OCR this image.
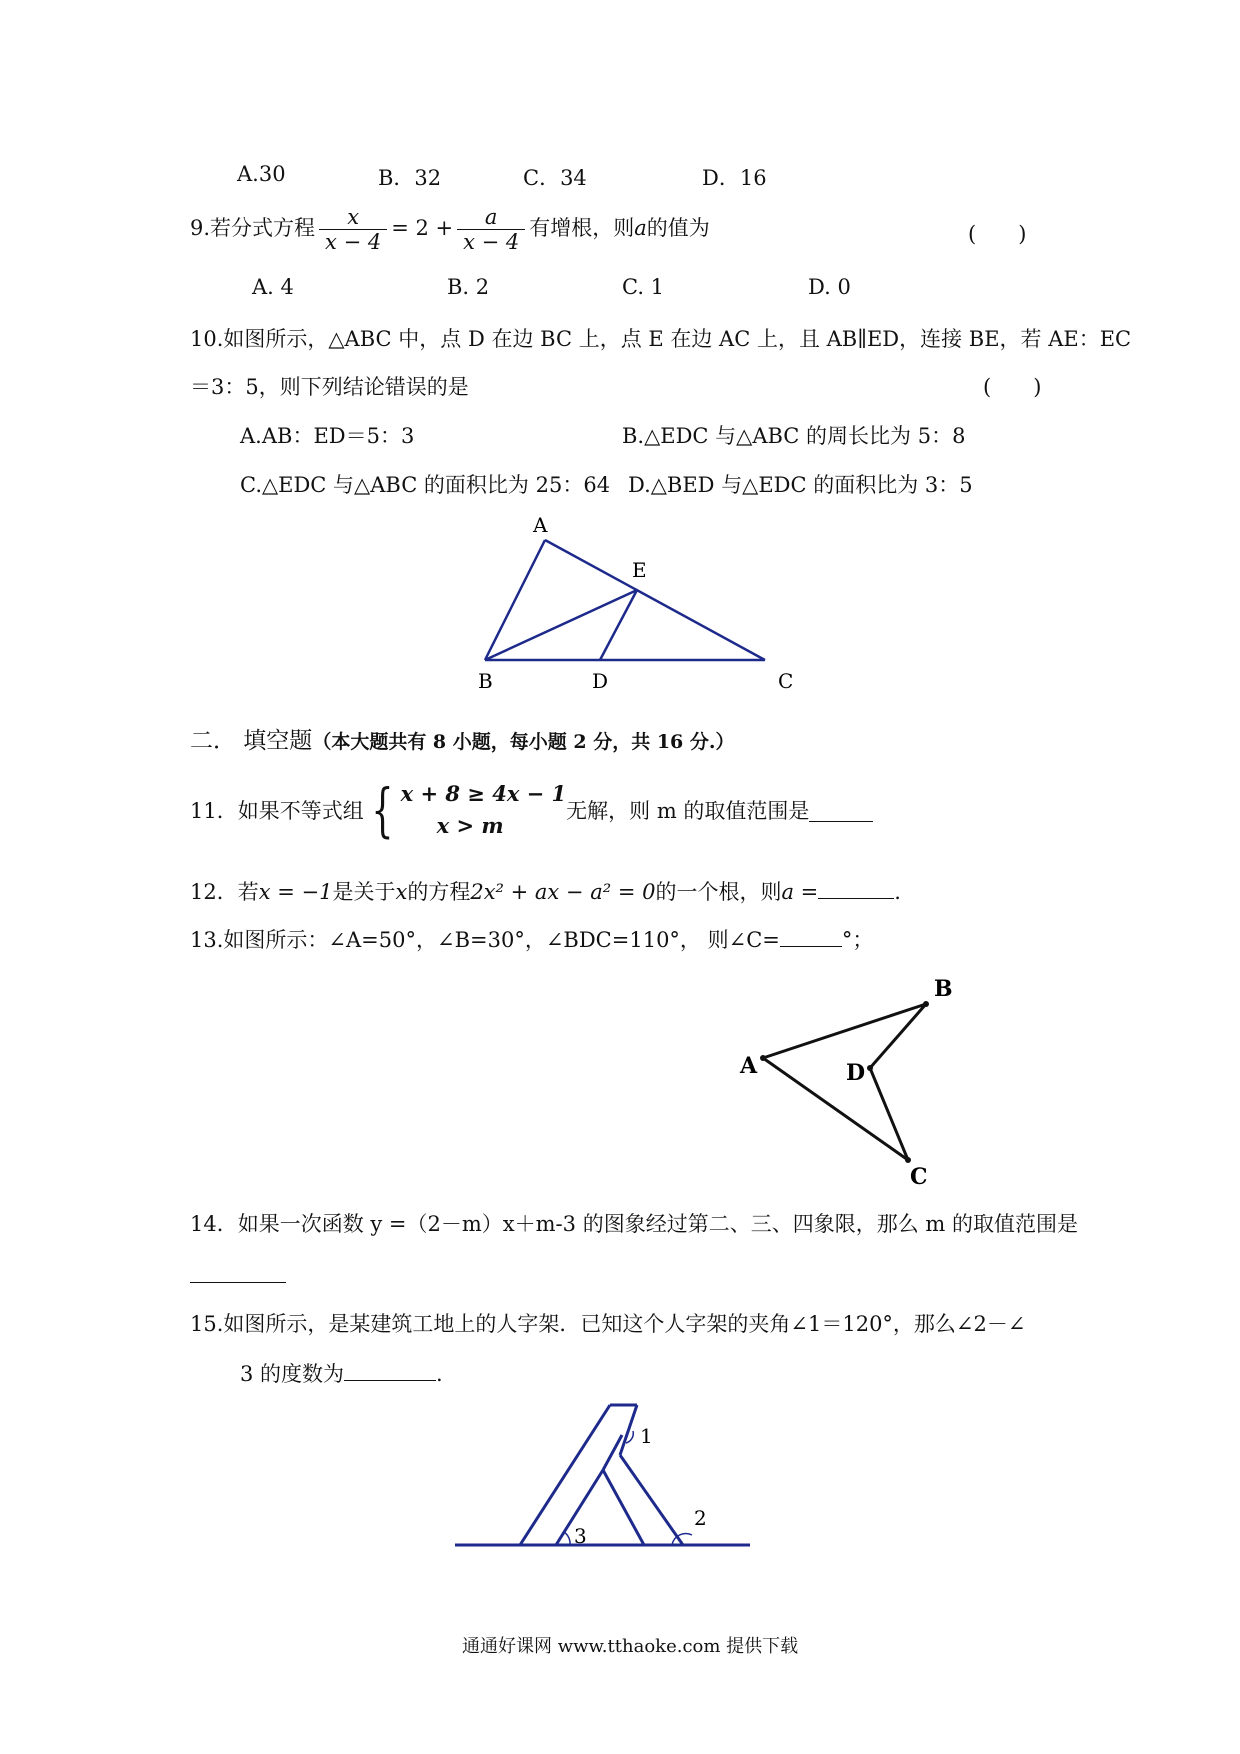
A.30	B．32	C．34	D．16
9.若分式方程 $\frac{x}{x - 4} = 2 + \frac{a}{x - 4}$ 有增根，则a的值为	(　　)
A. 4	B. 2	C. 1	D. 0
10.如图所示，△ABC 中，点 D 在边 BC 上，点 E 在边 AC 上，且 AB∥ED，连接 BE，若 AE：EC
＝3：5，则下列结论错误的是	(　　)
A.AB：ED＝5：3	B.△EDC 与△ABC 的周长比为 5：8
C.△EDC 与△ABC 的面积比为 25：64 D.△BED 与△EDC 的面积比为 3：5
A
E
B	D	C
二． 填空题（本大题共有 8 小题，每小题 2 分，共 16 分.）
11．如果不等式组 { x + 8 ≥ 4x − 1
x > m
无解，则 m 的取值范围是
12．若x = −1是关于x的方程2x² + ax − a² = 0的一个根，则a =	.
13.如图所示：∠A=50°，∠B=30°，∠BDC=110°， 则∠C=	°；
A
B
D
C
14．如果一次函数 y =（2－m）x＋m-3 的图象经过第二、三、四象限，那么 m 的取值范围是
15.如图所示，是某建筑工地上的人字架．已知这个人字架的夹角∠1＝120°，那么∠2－∠
3 的度数为	.
1
2
3
通通好课网 www.tthaoke.com 提供下载
